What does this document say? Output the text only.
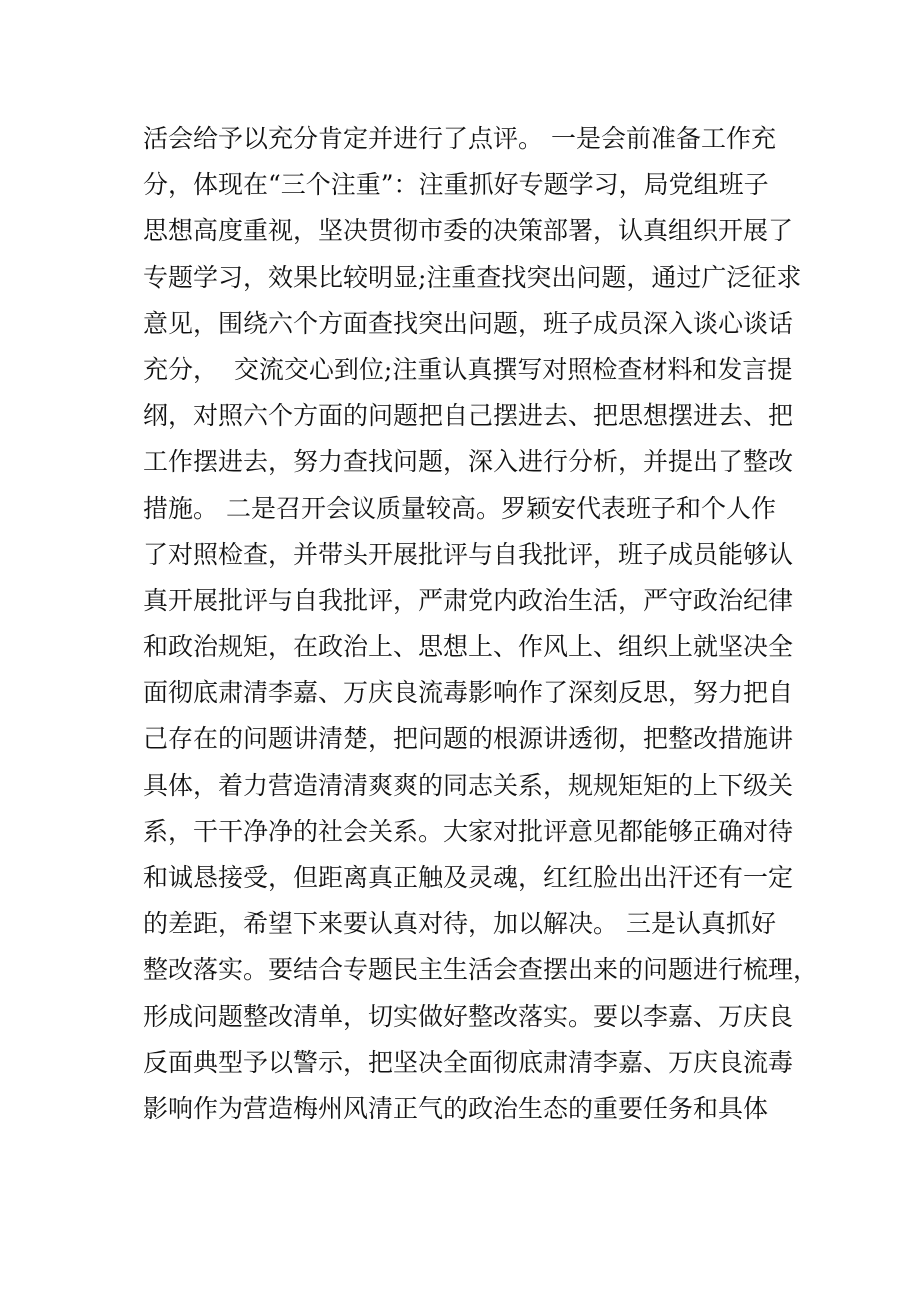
活会给予以充分肯定并进行了点评。 一是会前准备工作充
分，体现在“三个注重”：注重抓好专题学习，局党组班子
思想高度重视，坚决贯彻市委的决策部署，认真组织开展了
专题学习，效果比较明显;注重查找突出问题，通过广泛征求
意见，围绕六个方面查找突出问题，班子成员深入谈心谈话
充分，  交流交心到位;注重认真撰写对照检查材料和发言提
纲，对照六个方面的问题把自己摆进去、把思想摆进去、把
工作摆进去，努力查找问题，深入进行分析，并提出了整改
措施。 二是召开会议质量较高。罗颖安代表班子和个人作
了对照检查，并带头开展批评与自我批评，班子成员能够认
真开展批评与自我批评，严肃党内政治生活，严守政治纪律
和政治规矩，在政治上、思想上、作风上、组织上就坚决全
面彻底肃清李嘉、万庆良流毒影响作了深刻反思，努力把自
己存在的问题讲清楚，把问题的根源讲透彻，把整改措施讲
具体，着力营造清清爽爽的同志关系，规规矩矩的上下级关
系，干干净净的社会关系。大家对批评意见都能够正确对待
和诚恳接受，但距离真正触及灵魂，红红脸出出汗还有一定
的差距，希望下来要认真对待，加以解决。 三是认真抓好
整改落实。要结合专题民主生活会查摆出来的问题进行梳理，
形成问题整改清单，切实做好整改落实。要以李嘉、万庆良
反面典型予以警示，把坚决全面彻底肃清李嘉、万庆良流毒
影响作为营造梅州风清正气的政治生态的重要任务和具体
